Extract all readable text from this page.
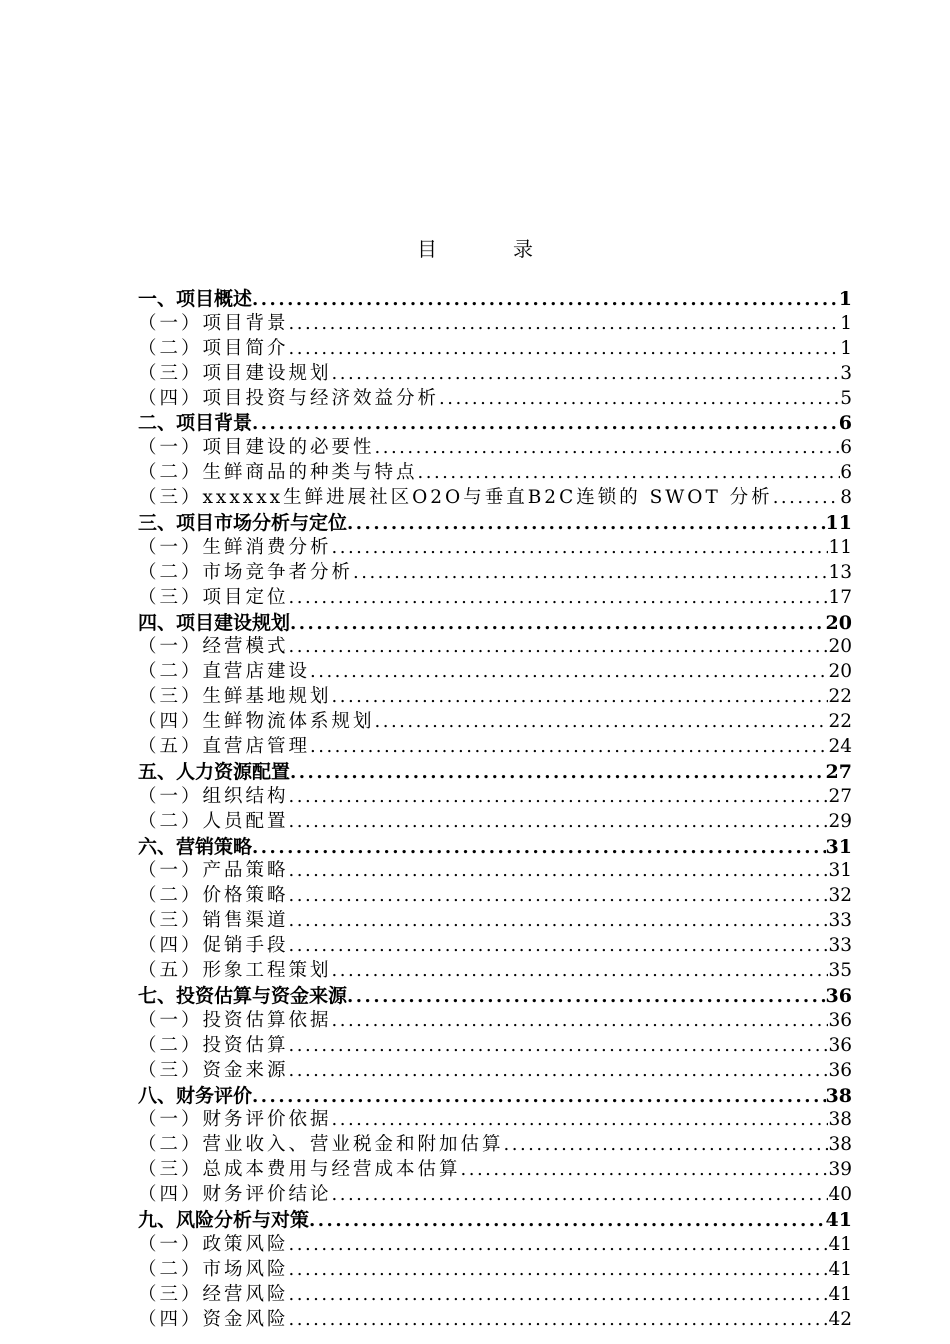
目　录
一、项目概述 .....	1
（一）项目背景 .....	1
（二）项目简介 .....	1
（三）项目建设规划 .....	3
（四）项目投资与经济效益分析 .....	5
二、项目背景 .....	6
（一）项目建设的必要性 .....	6
（二）生鲜商品的种类与特点 .....	6
（三）xxxxxx生鲜进展社区O2O与垂直B2C连锁的 SWOT 分析 .....	8
三、项目市场分析与定位 .....	11
（一）生鲜消费分析 .....	11
（二）市场竞争者分析 .....	13
（三）项目定位 .....	17
四、项目建设规划 .....	20
（一）经营模式 .....	20
（二）直营店建设 .....	20
（三）生鲜基地规划 .....	22
（四）生鲜物流体系规划 .....	22
（五）直营店管理 .....	24
五、人力资源配置 .....	27
（一）组织结构 .....	27
（二）人员配置 .....	29
六、营销策略 .....	31
（一）产品策略 .....	31
（二）价格策略 .....	32
（三）销售渠道 .....	33
（四）促销手段 .....	33
（五）形象工程策划 .....	35
七、投资估算与资金来源 .....	36
（一）投资估算依据 .....	36
（二）投资估算 .....	36
（三）资金来源 .....	36
八、财务评价 .....	38
（一）财务评价依据 .....	38
（二）营业收入、营业税金和附加估算 .....	38
（三）总成本费用与经营成本估算 .....	39
（四）财务评价结论 .....	40
九、风险分析与对策 .....	41
（一）政策风险 .....	41
（二）市场风险 .....	41
（三）经营风险 .....	41
（四）资金风险 .....	42
